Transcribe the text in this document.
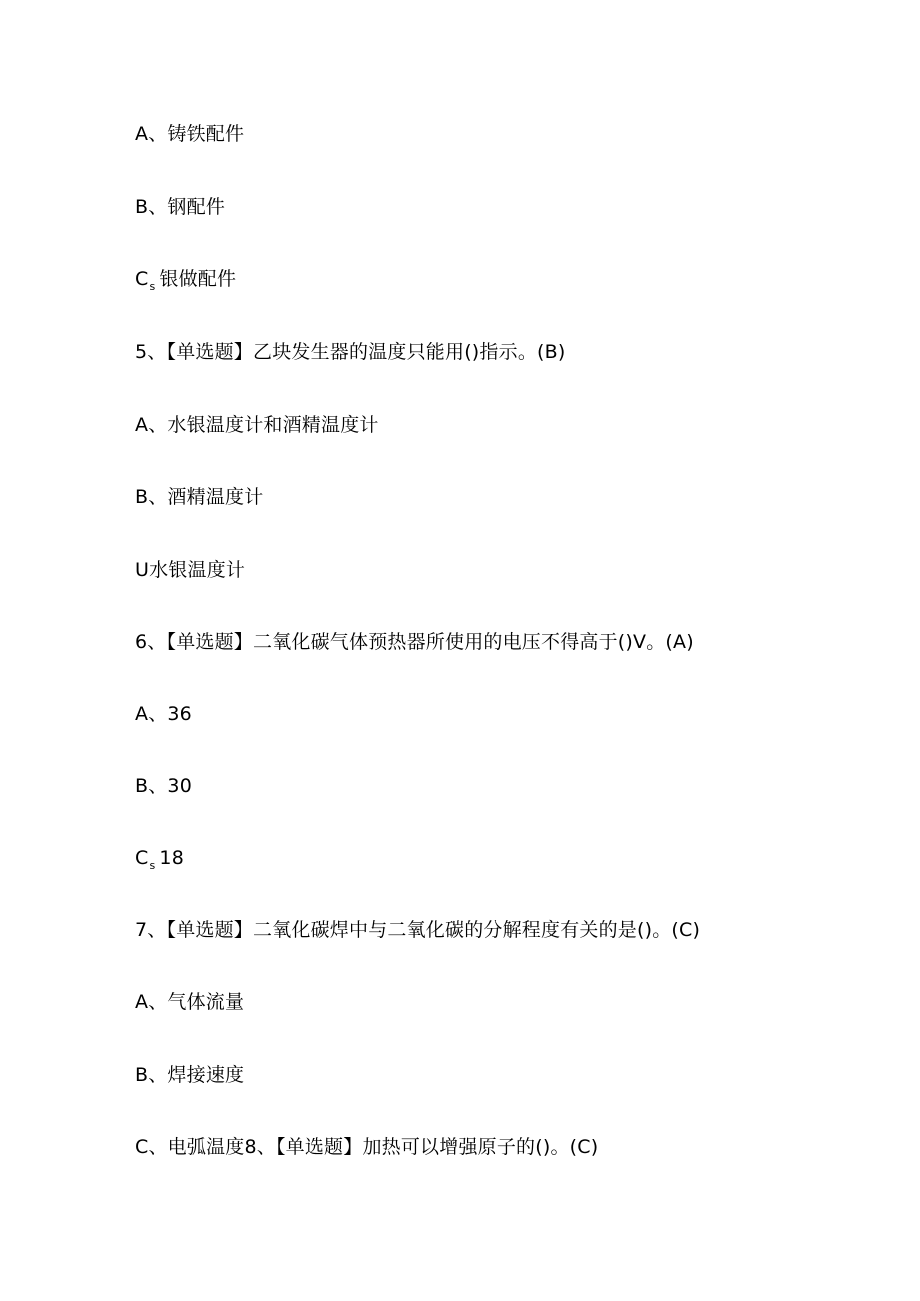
A、铸铁配件
B、钢配件
$C_s$ 银做配件
5、【单选题】乙块发生器的温度只能用()指示。(B)
A、水银温度计和酒精温度计
B、酒精温度计
U水银温度计
6、【单选题】二氧化碳气体预热器所使用的电压不得高于()V。(A)
A、36
B、30
$C_s$ 18
7、【单选题】二氧化碳焊中与二氧化碳的分解程度有关的是()。(C)
A、气体流量
B、焊接速度
C、电弧温度8、【单选题】加热可以增强原子的()。(C)
